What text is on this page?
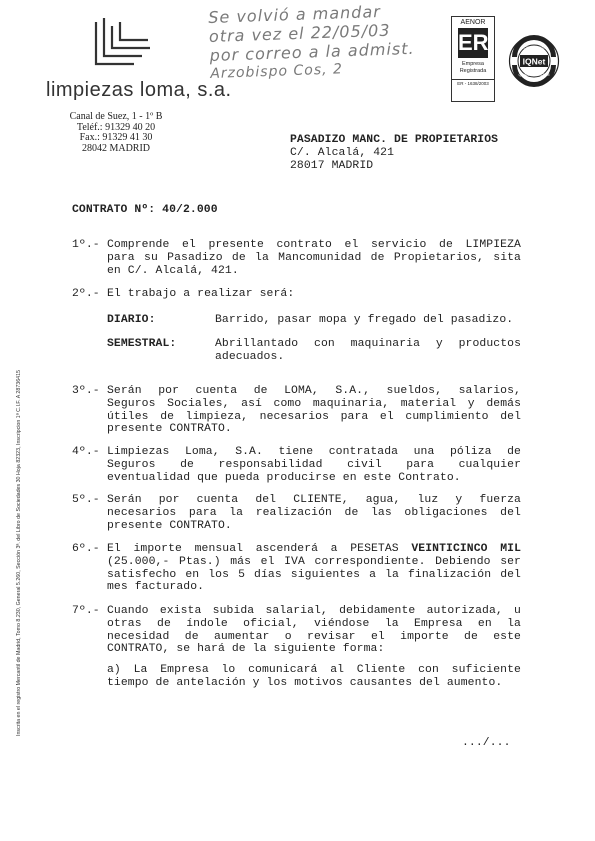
limpiezas loma, s.a.
Canal de Suez, 1 - 1º B
Teléf.: 91329 40 20
Fax.: 91329 41 30
28042 MADRID
Se volvió a mandar
otra vez el 22/05/03
por correo a la admist.
Arzobispo Cos, 2
AENOR
ER
Empresa
Registrada
ER - 1638/2003
IQNet
CERTIFIED
QUALITY SYSTEM
PASADIZO MANC. DE PROPIETARIOS
C/. Alcalá, 421
28017 MADRID
CONTRATO Nº: 40/2.000
1º.- Comprende el presente contrato el servicio de LIMPIEZA
para su Pasadizo de la Mancomunidad de Propietarios, sita
en C/. Alcalá, 421.
2º.- El trabajo a realizar será:
DIARIO:	Barrido, pasar mopa y fregado del pasadizo.
SEMESTRAL:	Abrillantado con maquinaria y productos
adecuados.
3º.- Serán por cuenta de LOMA, S.A., sueldos, salarios,
Seguros Sociales, así como maquinaria, material y demás
útiles de limpieza, necesarios para el cumplimiento del
presente CONTRATO.
4º.- Limpiezas Loma, S.A. tiene contratada una póliza de
Seguros de responsabilidad civil para cualquier
eventualidad que pueda producirse en este Contrato.
5º.- Serán por cuenta del CLIENTE, agua, luz y fuerza
necesarios para la realización de las obligaciones del
presente CONTRATO.
6º.- El importe mensual ascenderá a PESETAS VEINTICINCO MIL
(25.000,- Ptas.) más el IVA correspondiente. Debiendo ser
satisfecho en los 5 días siguientes a la finalización del
mes facturado.
7º.- Cuando exista subida salarial, debidamente autorizada, u
otras de índole oficial, viéndose la Empresa en la
necesidad de aumentar o revisar el importe de este
CONTRATO, se hará de la siguiente forma:
a) La Empresa lo comunicará al Cliente con suficiente
tiempo de antelación y los motivos causantes del aumento.
.../...
Inscrita en el registro Mercantil de Madrid, Tomo 8.230, General 5.260, Sección 3ª. del Libro de Sociedades 30 Hoja 82323, Inscripcion 1ª C.I.F. A 28736415
